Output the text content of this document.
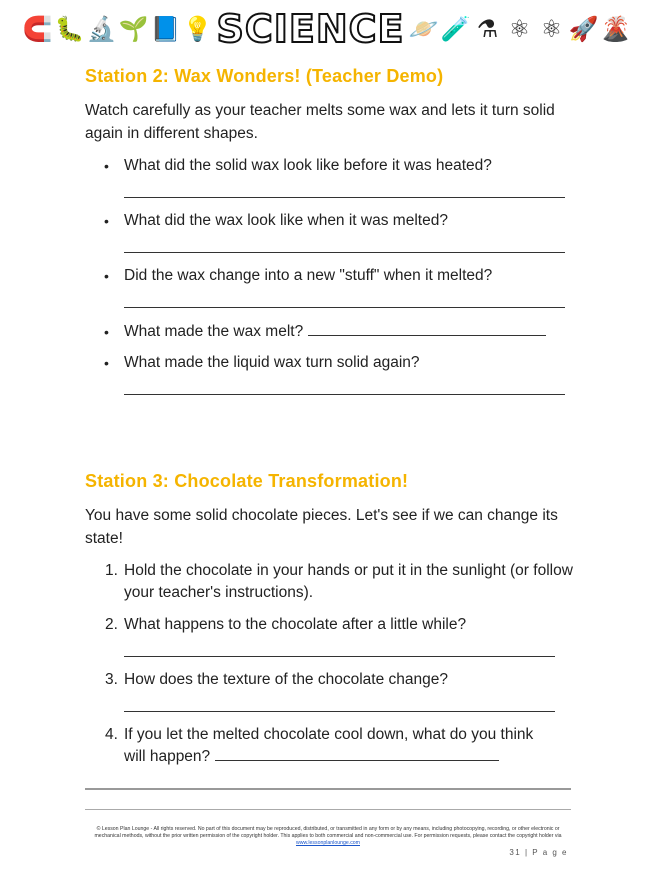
🧲 🐛 🔬 🌱 📘 💡 SCIENCE 🪐 🧪 ⚗ ⚛ ⚛ 🚀 🌋
Station 2: Wax Wonders! (Teacher Demo)

Watch carefully as your teacher melts some wax and lets it turn solid again in different shapes.

• What did the solid wax look like before it was heated?
• What did the wax look like when it was melted?
• Did the wax change into a new "stuff" when it melted?
• What made the wax melt?
• What made the liquid wax turn solid again?
Station 3: Chocolate Transformation!

You have some solid chocolate pieces. Let's see if we can change its state!

1. Hold the chocolate in your hands or put it in the sunlight (or follow your teacher's instructions).
2. What happens to the chocolate after a little while?
3. How does the texture of the chocolate change?
4. If you let the melted chocolate cool down, what do you think will happen?
© Lesson Plan Lounge - All rights reserved. No part of this document may be reproduced, distributed, or transmitted in any form or by any means, including photocopying, recording, or other electronic or mechanical methods, without the prior written permission of the copyright holder. This applies to both commercial and non-commercial use. For permission requests, please contact the copyright holder via
www.lessonplanlounge.com
31 | P a g e
